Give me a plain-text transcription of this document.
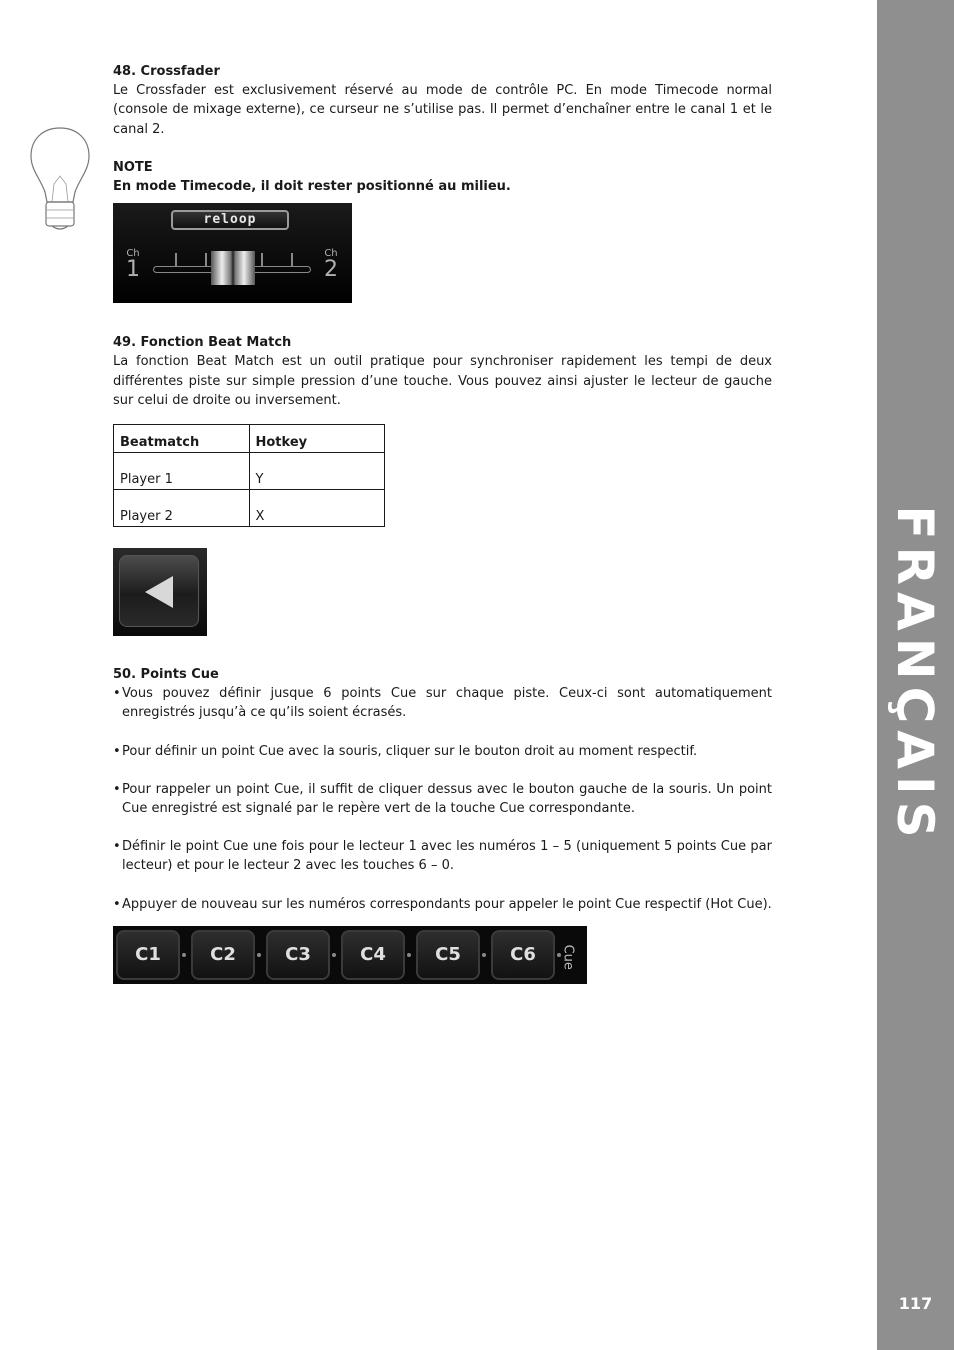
48. Crossfader
Le Crossfader est exclusivement réservé au mode de contrôle PC. En mode Timecode normal (console de mixage externe), ce curseur ne s’utilise pas. Il permet d’enchaîner entre le canal 1 et le canal 2.
NOTE
En mode Timecode, il doit rester positionné au milieu.
reloop
Ch
1
Ch
2
49. Fonction Beat Match
La fonction Beat Match est un outil pratique pour synchroniser rapidement les tempi de deux différentes piste sur simple pression d’une touche. Vous pouvez ainsi ajuster le lecteur de gauche sur celui de droite ou inversement.
Beatmatch	Hotkey
Player 1	Y
Player 2	X
50. Points Cue
• Vous pouvez définir jusque 6 points Cue sur chaque piste. Ceux-ci sont automatiquement enregistrés jusqu’à ce qu’ils soient écrasés.
• Pour définir un point Cue avec la souris, cliquer sur le bouton droit au moment respectif.
• Pour rappeler un point Cue, il suffit de cliquer dessus avec le bouton gauche de la souris. Un point Cue enregistré est signalé par le repère vert de la touche Cue correspondante.
• Définir le point Cue une fois pour le lecteur 1 avec les numéros 1 – 5 (uniquement 5 points Cue par lecteur) et pour le lecteur 2 avec les touches 6 – 0.
• Appuyer de nouveau sur les numéros correspondants pour appeler le point Cue respectif (Hot Cue).
C1	C2	C3	C4	C5	C6	Cue
FRANÇAIS
117
